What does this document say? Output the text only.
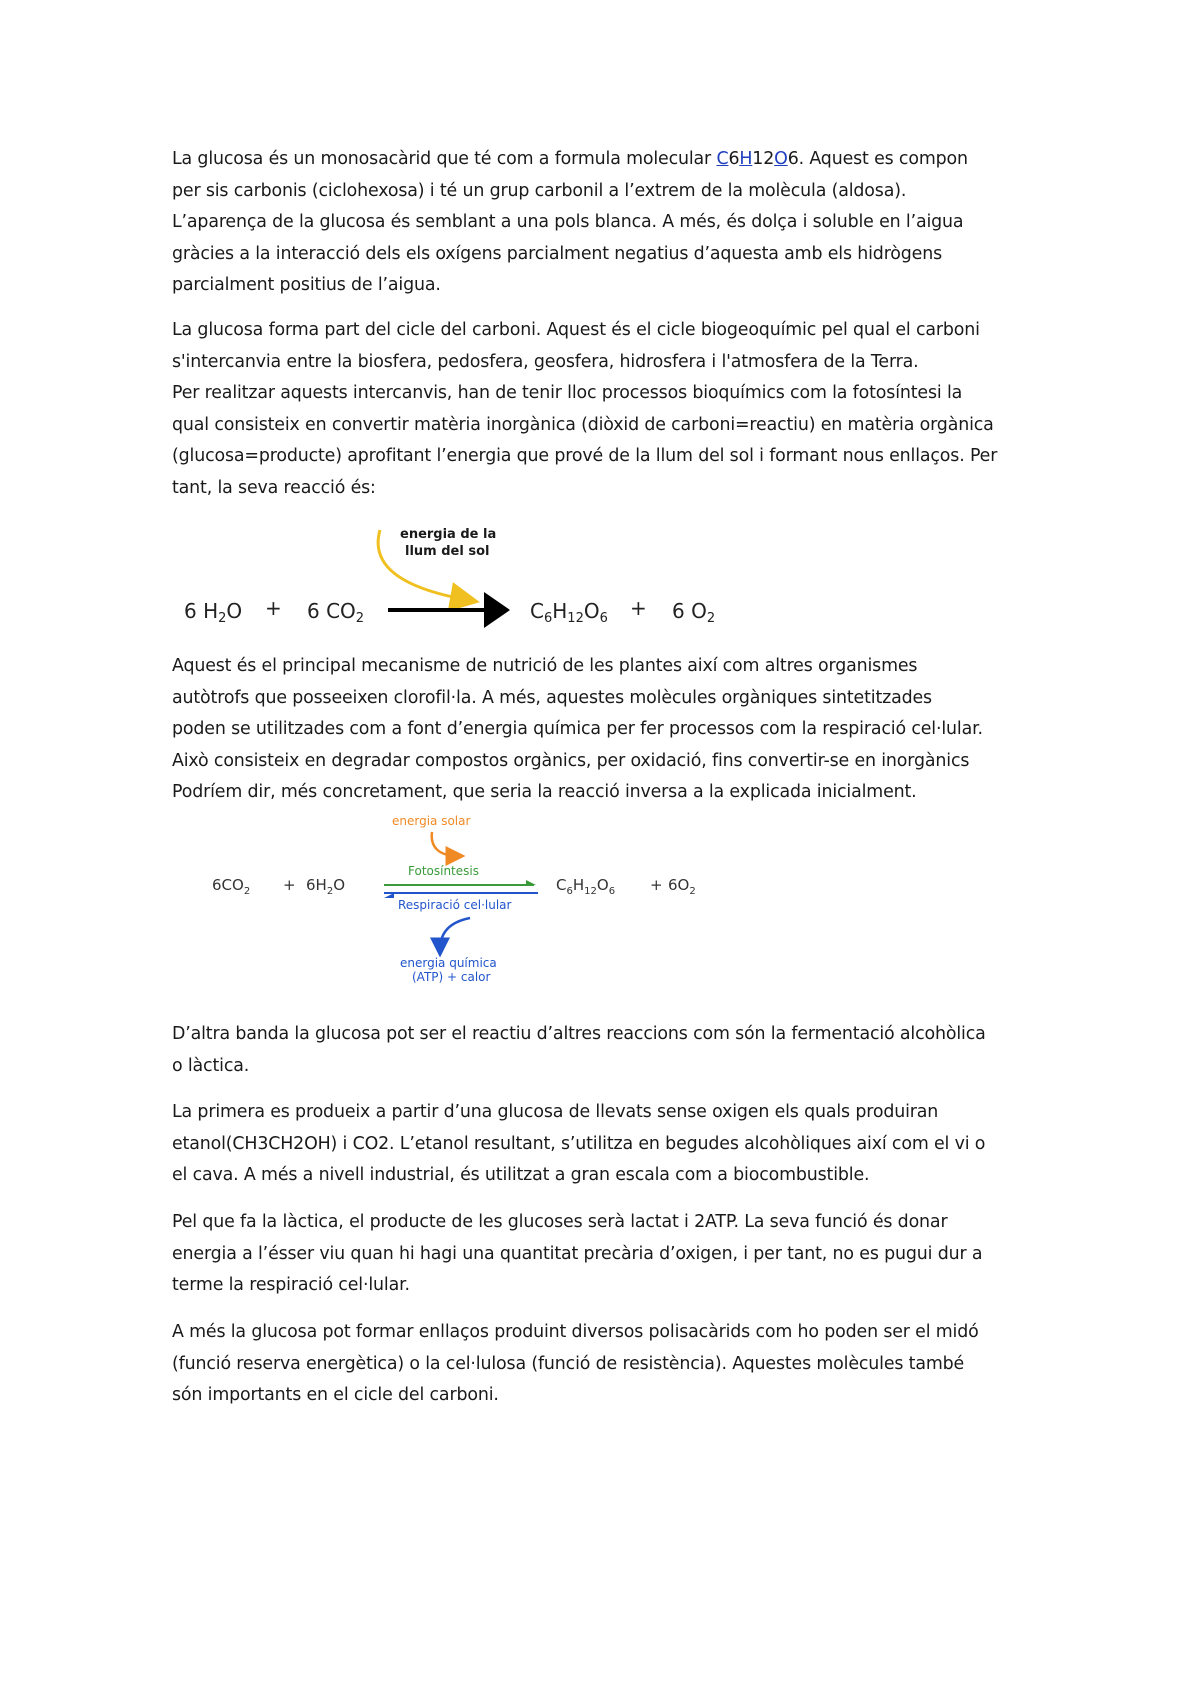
La glucosa és un monosacàrid que té com a formula molecular C6H12O6. Aquest es compon
per sis carbonis (ciclohexosa) i té un grup carbonil a l’extrem de la molècula (aldosa).
L’aparença de la glucosa és semblant a una pols blanca. A més, és dolça i soluble en l’aigua
gràcies a la interacció dels els oxígens parcialment negatius d’aquesta amb els hidrògens
parcialment positius de l’aigua.

La glucosa forma part del cicle del carboni. Aquest és el cicle biogeoquímic pel qual el carboni
s'intercanvia entre la biosfera, pedosfera, geosfera, hidrosfera i l'atmosfera de la Terra.
Per realitzar aquests intercanvis, han de tenir lloc processos bioquímics com la fotosíntesi la
qual consisteix en convertir matèria inorgànica (diòxid de carboni=reactiu) en matèria orgànica
(glucosa=producte) aprofitant l’energia que prové de la llum del sol i formant nous enllaços. Per
tant, la seva reacció és:

energia de la
llum del sol
6 $H_2O + 6$ $CO_2$	$C_6H_{12}O_6 + 6$ $O_2$

Aquest és el principal mecanisme de nutrició de les plantes així com altres organismes
autòtrofs que posseeixen clorofil·la. A més, aquestes molècules orgàniques sintetitzades
poden se utilitzades com a font d’energia química per fer processos com la respiració cel·lular.
Això consisteix en degradar compostos orgànics, per oxidació, fins convertir-se en inorgànics
Podríem dir, més concretament, que seria la reacció inversa a la explicada inicialment.

energia solar
Fotosíntesis
Respiració cel·lular
energia química
(ATP) + calor
$6CO_2 + 6H_2O$	$C_6H_{12}O_6 + 6O_2$

D’altra banda la glucosa pot ser el reactiu d’altres reaccions com són la fermentació alcohòlica
o làctica.

La primera es produeix a partir d’una glucosa de llevats sense oxigen els quals produiran
etanol(CH3CH2OH) i CO2. L’etanol resultant, s’utilitza en begudes alcohòliques així com el vi o
el cava. A més a nivell industrial, és utilitzat a gran escala com a biocombustible.

Pel que fa la làctica, el producte de les glucoses serà lactat i 2ATP. La seva funció és donar
energia a l’ésser viu quan hi hagi una quantitat precària d’oxigen, i per tant, no es pugui dur a
terme la respiració cel·lular.

A més la glucosa pot formar enllaços produint diversos polisacàrids com ho poden ser el midó
(funció reserva energètica) o la cel·lulosa (funció de resistència). Aquestes molècules també
són importants en el cicle del carboni.
